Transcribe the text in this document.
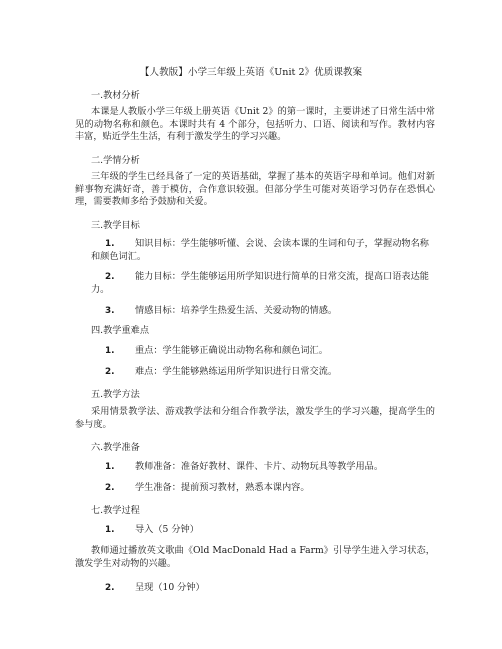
【人教版】小学三年级上英语《Unit 2》优质课教案
一.教材分析

本课是人教版小学三年级上册英语《Unit 2》的第一课时，主要讲述了日常生活中常见的动物名称和颜色。本课时共有 4 个部分，包括听力、口语、阅读和写作。教材内容丰富，贴近学生生活，有利于激发学生的学习兴趣。

二.学情分析

三年级的学生已经具备了一定的英语基础，掌握了基本的英语字母和单词。他们对新鲜事物充满好奇，善于模仿，合作意识较强。但部分学生可能对英语学习仍存在恐惧心理，需要教师多给予鼓励和关爱。

三.教学目标

1. 知识目标：学生能够听懂、会说、会读本课的生词和句子，掌握动物名称和颜色词汇。

2. 能力目标：学生能够运用所学知识进行简单的日常交流，提高口语表达能力。

3. 情感目标：培养学生热爱生活、关爱动物的情感。

四.教学重难点

1. 重点：学生能够正确说出动物名称和颜色词汇。

2. 难点：学生能够熟练运用所学知识进行日常交流。

五.教学方法

采用情景教学法、游戏教学法和分组合作教学法，激发学生的学习兴趣，提高学生的参与度。

六.教学准备

1. 教师准备：准备好教材、课件、卡片、动物玩具等教学用品。

2. 学生准备：提前预习教材，熟悉本课内容。

七.教学过程

1. 导入（5 分钟）

教师通过播放英文歌曲《Old MacDonald Had a Farm》引导学生进入学习状态，激发学生对动物的兴趣。

2. 呈现（10 分钟）
